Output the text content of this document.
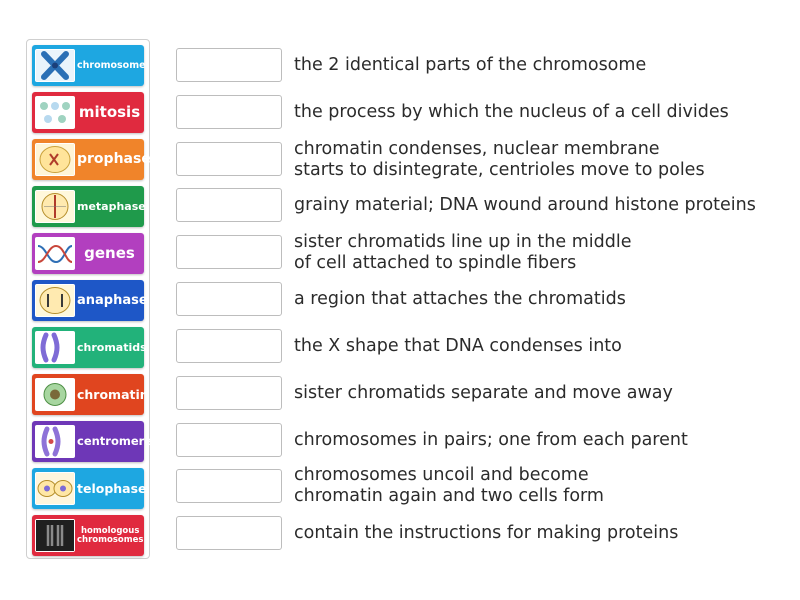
chromosome
mitosis
prophase
metaphase
genes
anaphase
chromatids
chromatin
centromere
telophase
homologous
chromosomes
the 2 identical parts of the chromosome
the process by which the nucleus of a cell divides
chromatin condenses, nuclear membrane
starts to disintegrate, centrioles move to poles
grainy material; DNA wound around histone proteins
sister chromatids line up in the middle
of cell attached to spindle fibers
a region that attaches the chromatids
the X shape that DNA condenses into
sister chromatids separate and move away
chromosomes in pairs; one from each parent
chromosomes uncoil and become
chromatin again and two cells form
contain the instructions for making proteins
